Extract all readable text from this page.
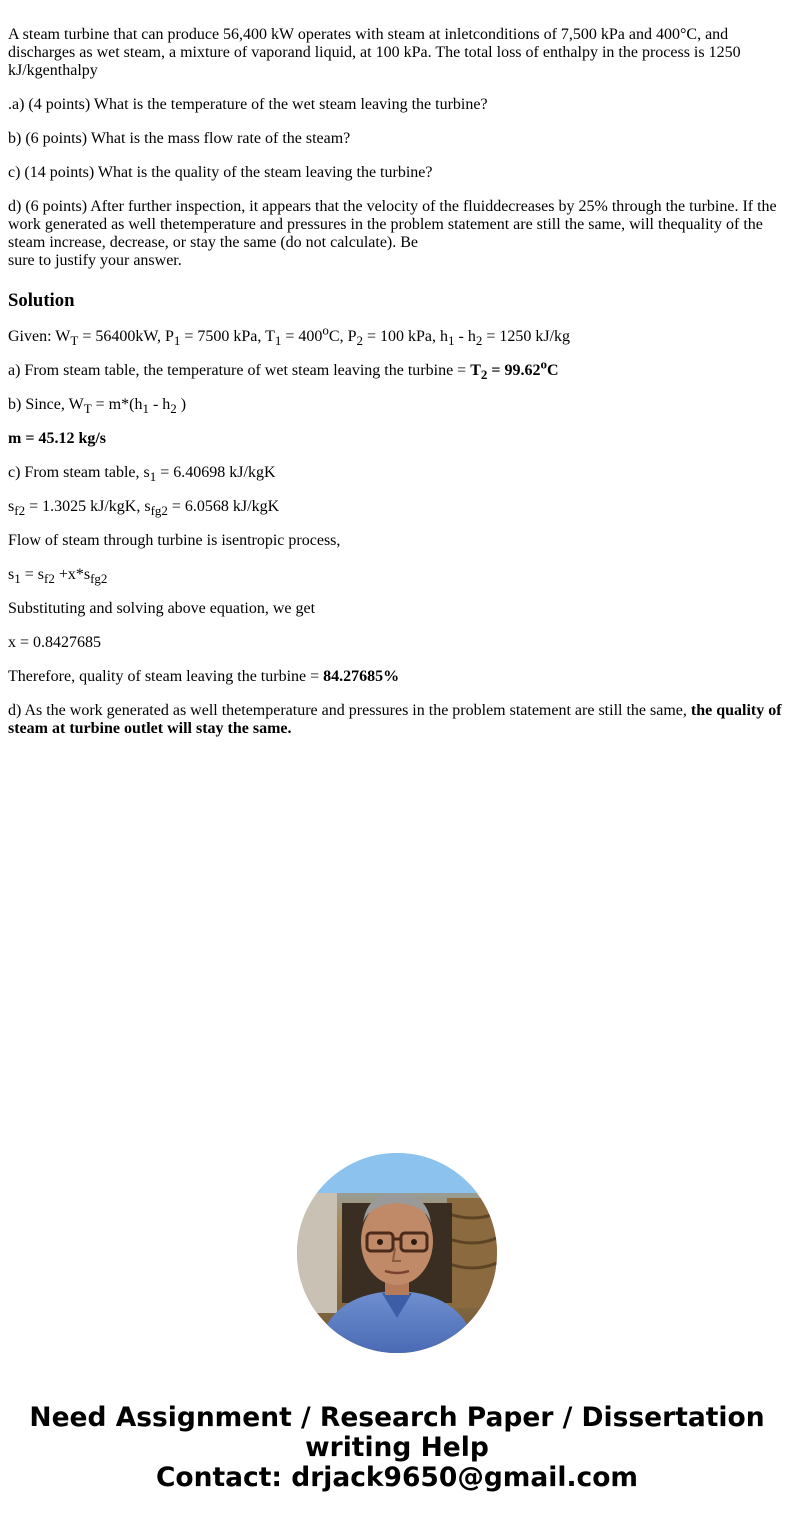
A steam turbine that can produce 56,400 kW operates with steam at inletconditions of 7,500 kPa and 400°C, and discharges as wet steam, a mixture of vaporand liquid, at 100 kPa. The total loss of enthalpy in the process is 1250 kJ/kgenthalpy

.a) (4 points) What is the temperature of the wet steam leaving the turbine?

b) (6 points) What is the mass flow rate of the steam?

c) (14 points) What is the quality of the steam leaving the turbine?

d) (6 points) After further inspection, it appears that the velocity of the fluiddecreases by 25% through the turbine. If the work generated as well thetemperature and pressures in the problem statement are still the same, will thequality of the steam increase, decrease, or stay the same (do not calculate). Be
sure to justify your answer.

Solution

Given: $W_T = 56400kW$, $P_1 = 7500$ kPa, $T_1 = 400^oC$, $P_2 = 100$ kPa, $h_1 - h_2 = 1250$ kJ/kg

a) From steam table, the temperature of wet steam leaving the turbine = $T_2 = 99.62^oC$

b) Since, $W_T = m*(h_1 - h_2$ )

m = 45.12 kg/s

c) From steam table, $s_1 = 6.40698$ kJ/kgK

$s_{f2} = 1.3025$ kJ/kgK, $s_{fg2} = 6.0568$ kJ/kgK

Flow of steam through turbine is isentropic process,

$s_1 = s_{f2} +x*s_{fg2}$

Substituting and solving above equation, we get

x = 0.8427685

Therefore, quality of steam leaving the turbine = 84.27685%

d) As the work generated as well thetemperature and pressures in the problem statement are still the same, the quality of steam at turbine outlet will stay the same.

Need Assignment / Research Paper / Dissertation
writing Help
Contact: drjack9650@gmail.com
